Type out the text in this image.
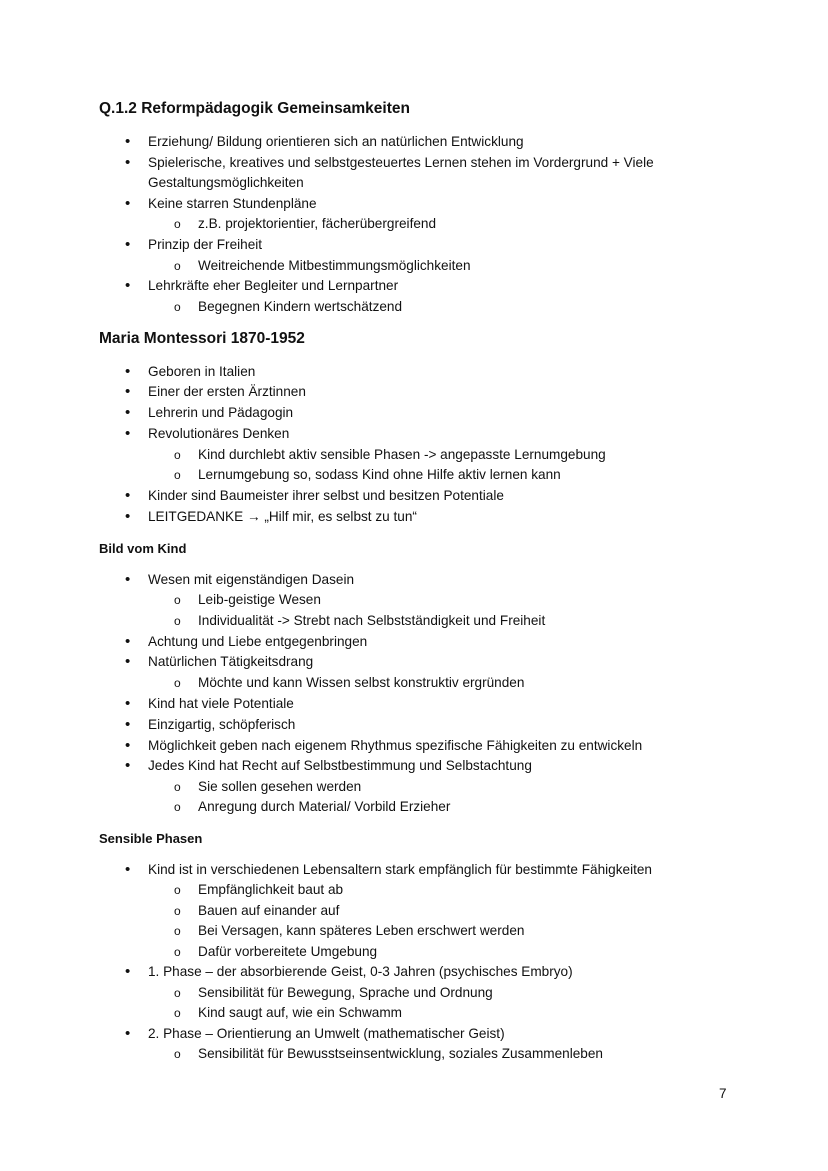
Q.1.2 Reformpädagogik Gemeinsamkeiten
• Erziehung/ Bildung orientieren sich an natürlichen Entwicklung
• Spielerische, kreatives und selbstgesteuertes Lernen stehen im Vordergrund + Viele
Gestaltungsmöglichkeiten
• Keine starren Stundenpläne
o z.B. projektorientier, fächerübergreifend
• Prinzip der Freiheit
o Weitreichende Mitbestimmungsmöglichkeiten
• Lehrkräfte eher Begleiter und Lernpartner
o Begegnen Kindern wertschätzend
Maria Montessori 1870-1952
• Geboren in Italien
• Einer der ersten Ärztinnen
• Lehrerin und Pädagogin
• Revolutionäres Denken
o Kind durchlebt aktiv sensible Phasen -> angepasste Lernumgebung
o Lernumgebung so, sodass Kind ohne Hilfe aktiv lernen kann
• Kinder sind Baumeister ihrer selbst und besitzen Potentiale
• LEITGEDANKE → „Hilf mir, es selbst zu tun“
Bild vom Kind
• Wesen mit eigenständigen Dasein
o Leib-geistige Wesen
o Individualität -> Strebt nach Selbstständigkeit und Freiheit
• Achtung und Liebe entgegenbringen
• Natürlichen Tätigkeitsdrang
o Möchte und kann Wissen selbst konstruktiv ergründen
• Kind hat viele Potentiale
• Einzigartig, schöpferisch
• Möglichkeit geben nach eigenem Rhythmus spezifische Fähigkeiten zu entwickeln
• Jedes Kind hat Recht auf Selbstbestimmung und Selbstachtung
o Sie sollen gesehen werden
o Anregung durch Material/ Vorbild Erzieher
Sensible Phasen
• Kind ist in verschiedenen Lebensaltern stark empfänglich für bestimmte Fähigkeiten
o Empfänglichkeit baut ab
o Bauen auf einander auf
o Bei Versagen, kann späteres Leben erschwert werden
o Dafür vorbereitete Umgebung
• 1. Phase – der absorbierende Geist, 0-3 Jahren (psychisches Embryo)
o Sensibilität für Bewegung, Sprache und Ordnung
o Kind saugt auf, wie ein Schwamm
• 2. Phase – Orientierung an Umwelt (mathematischer Geist)
o Sensibilität für Bewusstseinsentwicklung, soziales Zusammenleben
7
